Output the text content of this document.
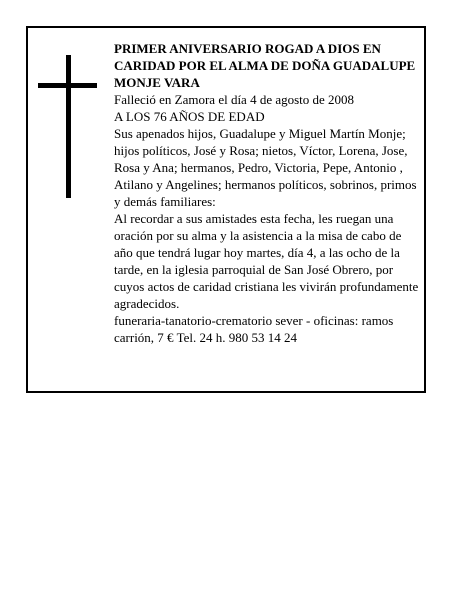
PRIMER ANIVERSARIO ROGAD A DIOS EN CARIDAD POR EL ALMA DE DOÑA GUADALUPE MONJE VARA

Falleció en Zamora el día 4 de agosto de 2008

A LOS 76 AÑOS DE EDAD

Sus apenados hijos, Guadalupe y Miguel Martín Monje; hijos políticos, José y Rosa; nietos, Víctor, Lorena, Jose, Rosa y Ana; hermanos, Pedro, Victoria, Pepe, Antonio , Atilano y Angelines; hermanos políticos, sobrinos, primos y demás familiares:

Al recordar a sus amistades esta fecha, les ruegan una oración por su alma y la asistencia a la misa de cabo de año que tendrá lugar hoy martes, día 4, a las ocho de la tarde, en la iglesia parroquial de San José Obrero, por cuyos actos de caridad cristiana les vivirán profundamente agradecidos.

funeraria-tanatorio-crematorio sever - oficinas: ramos carrión, 7 € Tel. 24 h. 980 53 14 24
